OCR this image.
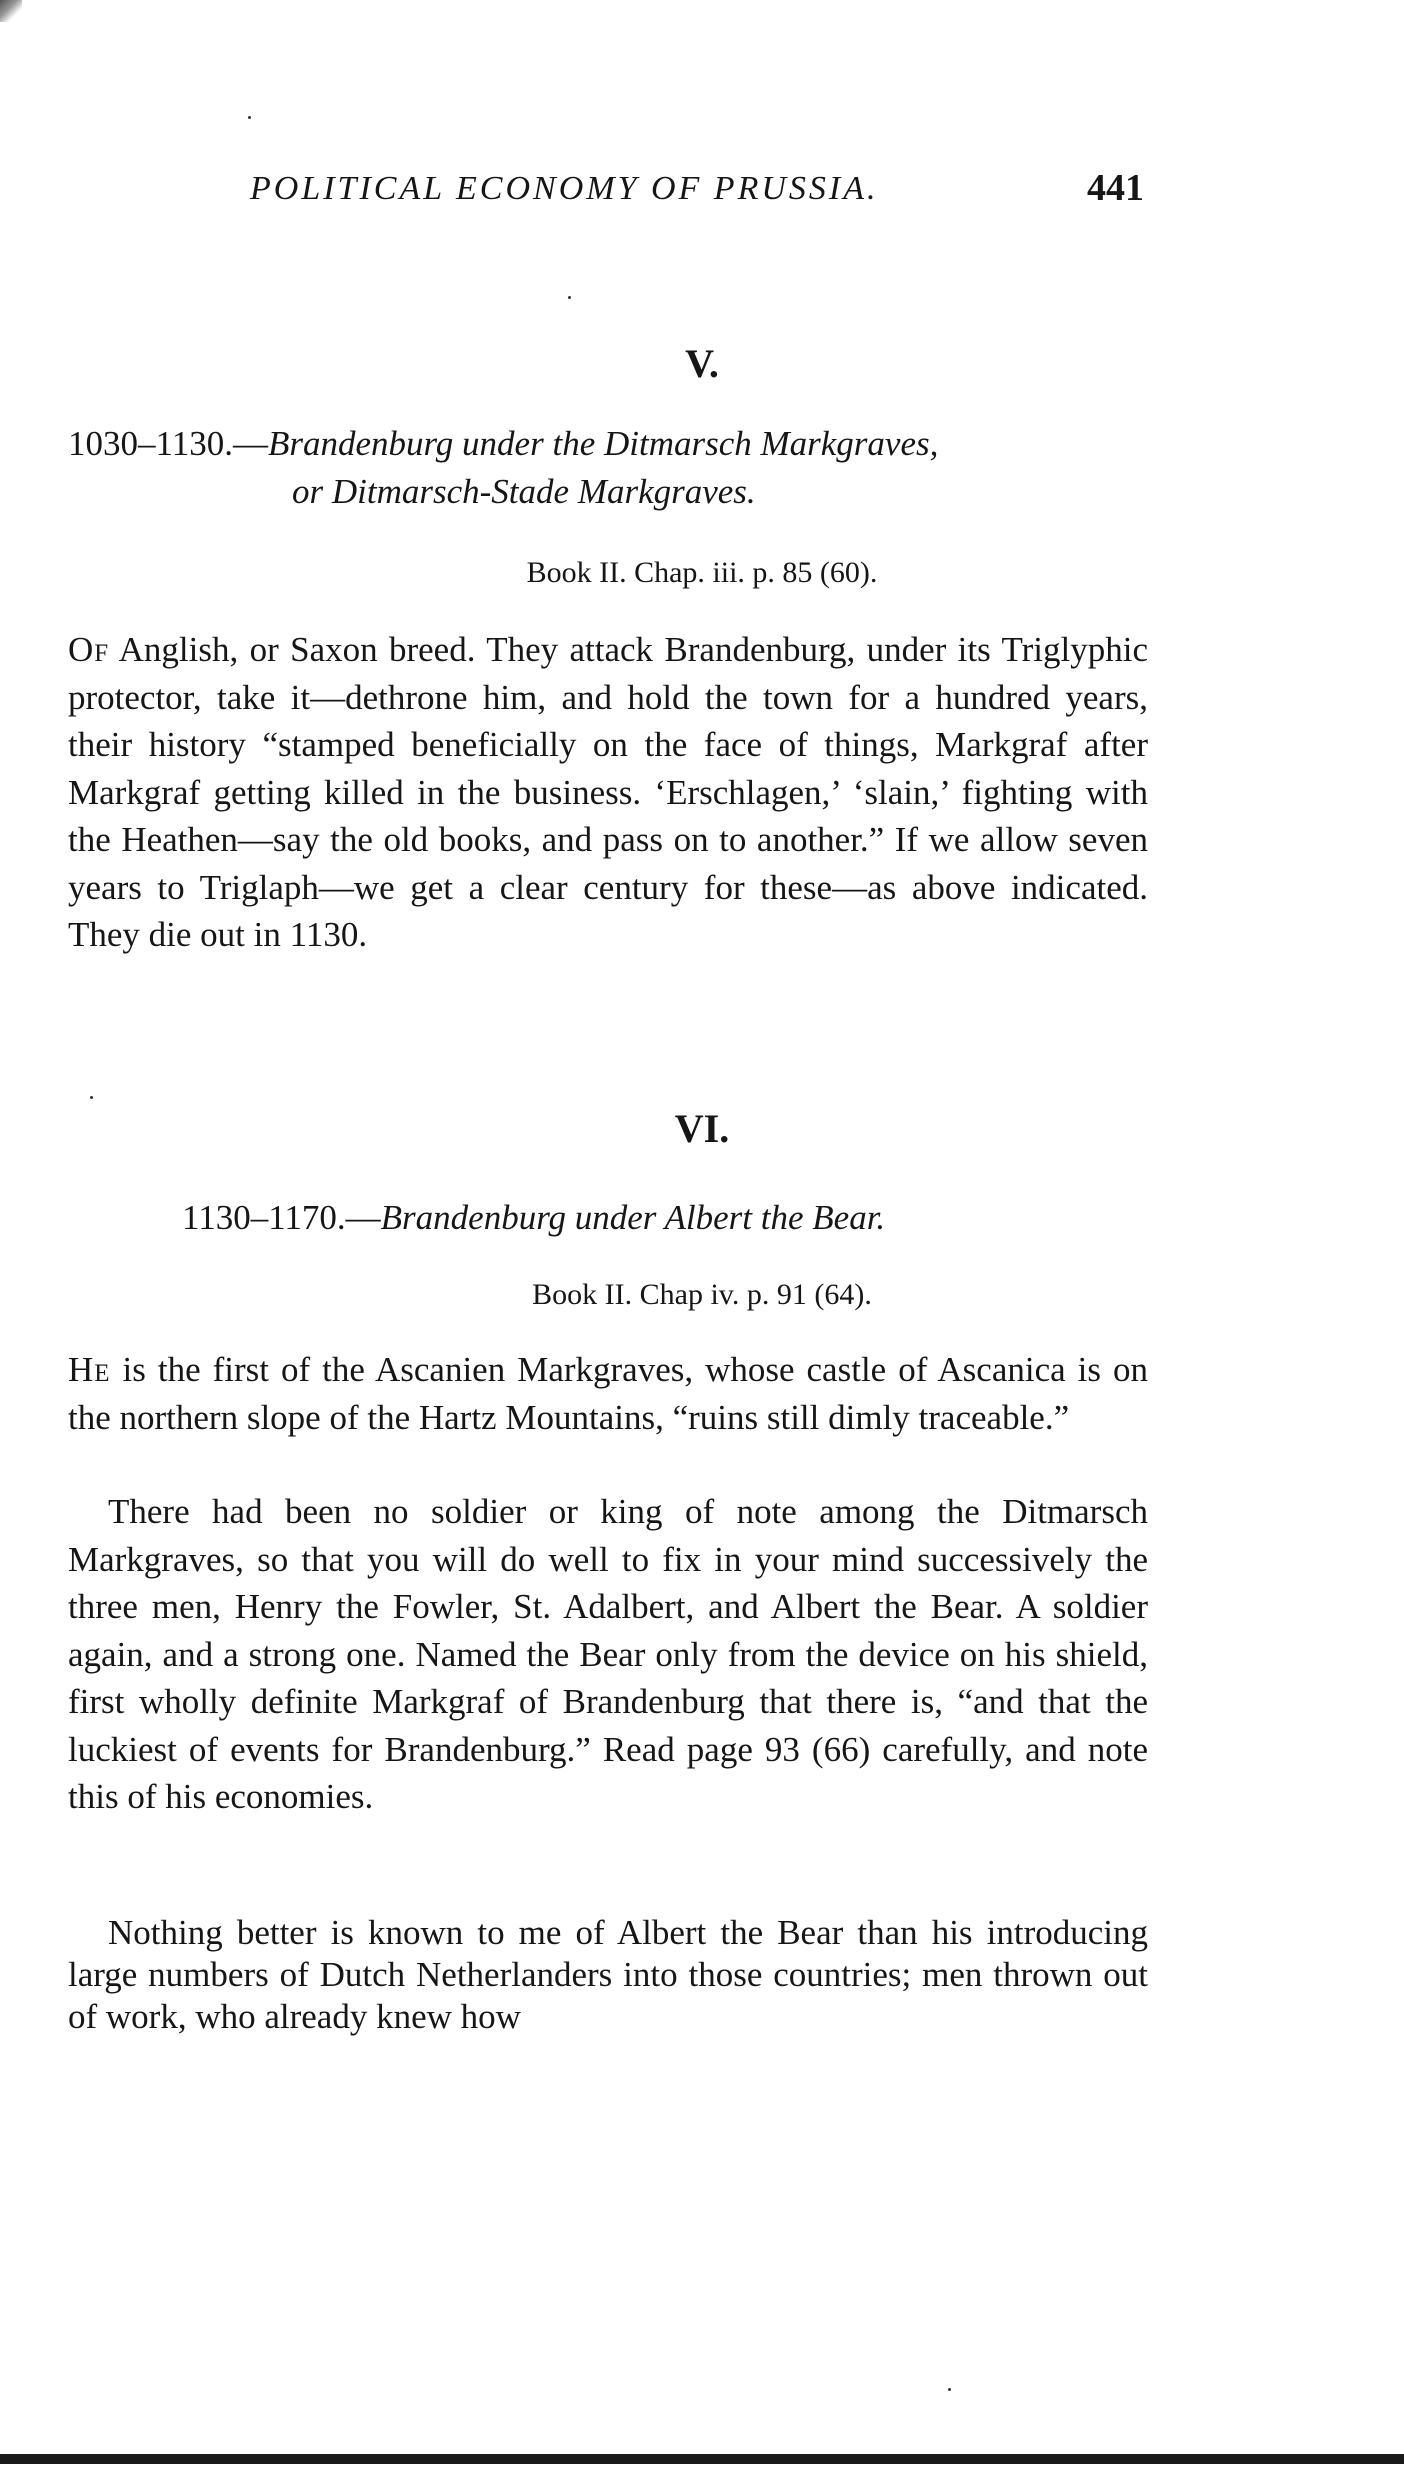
POLITICAL ECONOMY OF PRUSSIA.	441
V.
1030–1130.—Brandenburg under the Ditmarsch Markgraves,
or Ditmarsch-Stade Markgraves.
Book II. Chap. iii. p. 85 (60).

Of Anglish, or Saxon breed. They attack Brandenburg, under its Triglyphic protector, take it—dethrone him, and hold the town for a hundred years, their history “stamped beneficially on the face of things, Markgraf after Markgraf getting killed in the business. ‘Erschlagen,’ ‘slain,’ fighting with the Heathen—say the old books, and pass on to another.” If we allow seven years to Triglaph—we get a clear century for these—as above indicated. They die out in 1130.

VI.
1130–1170.—Brandenburg under Albert the Bear.
Book II. Chap iv. p. 91 (64).

He is the first of the Ascanien Markgraves, whose castle of Ascanica is on the northern slope of the Hartz Mountains, “ruins still dimly traceable.”

There had been no soldier or king of note among the Ditmarsch Markgraves, so that you will do well to fix in your mind successively the three men, Henry the Fowler, St. Adalbert, and Albert the Bear. A soldier again, and a strong one. Named the Bear only from the device on his shield, first wholly definite Markgraf of Brandenburg that there is, “and that the luckiest of events for Brandenburg.” Read page 93 (66) carefully, and note this of his economies.

Nothing better is known to me of Albert the Bear than his introducing large numbers of Dutch Netherlanders into those countries; men thrown out of work, who already knew how
